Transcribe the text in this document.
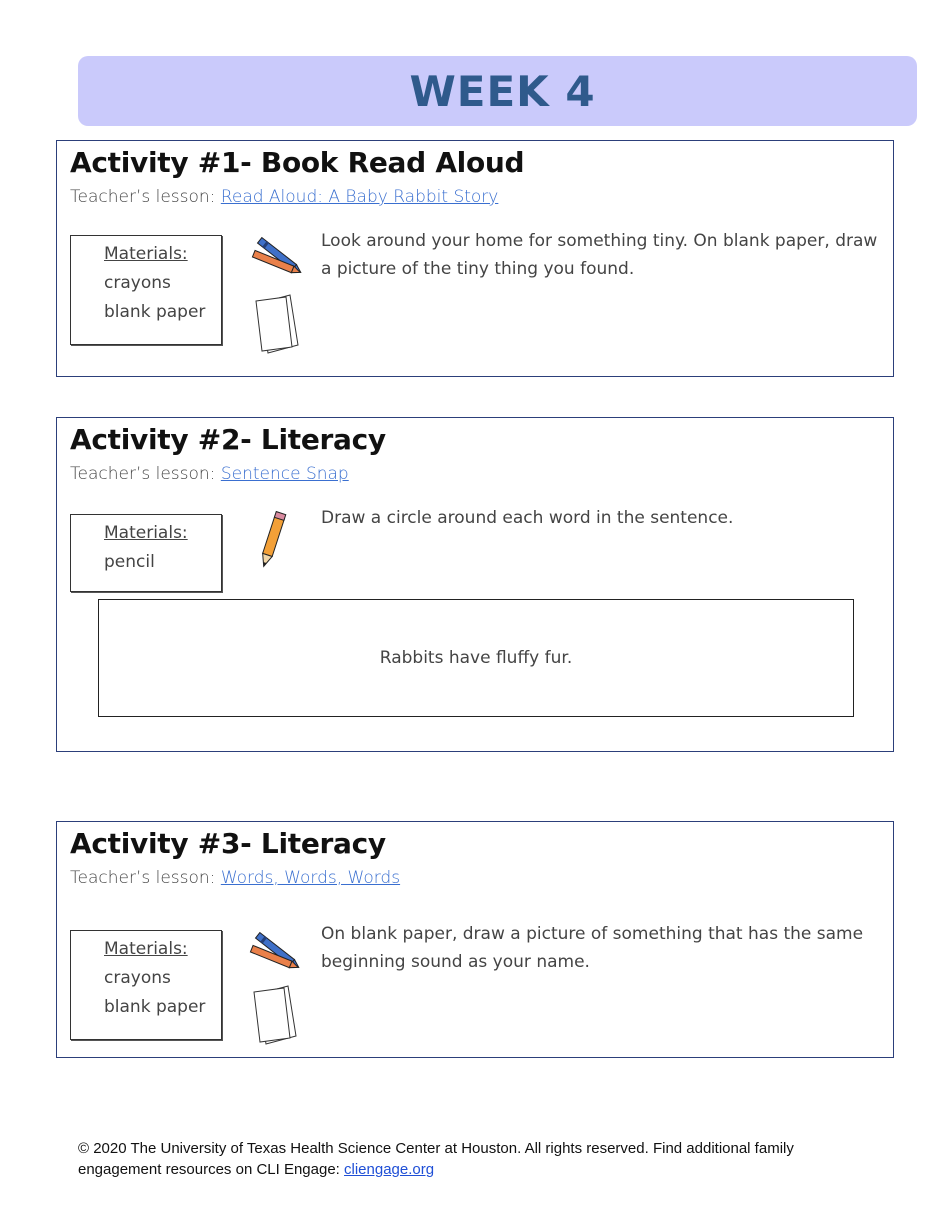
WEEK 4
Activity #1- Book Read Aloud
Teacher’s lesson: Read Aloud: A Baby Rabbit Story
Materials:
crayons
blank paper
Look around your home for something tiny. On blank paper, draw a picture of the tiny thing you found.
Activity #2- Literacy
Teacher’s lesson: Sentence Snap
Materials:
pencil
Draw a circle around each word in the sentence.
Rabbits have fluffy fur.
Activity #3- Literacy
Teacher’s lesson: Words, Words, Words
Materials:
crayons
blank paper
On blank paper, draw a picture of something that has the same beginning sound as your name.
© 2020 The University of Texas Health Science Center at Houston. All rights reserved. Find additional family engagement resources on CLI Engage: cliengage.org
